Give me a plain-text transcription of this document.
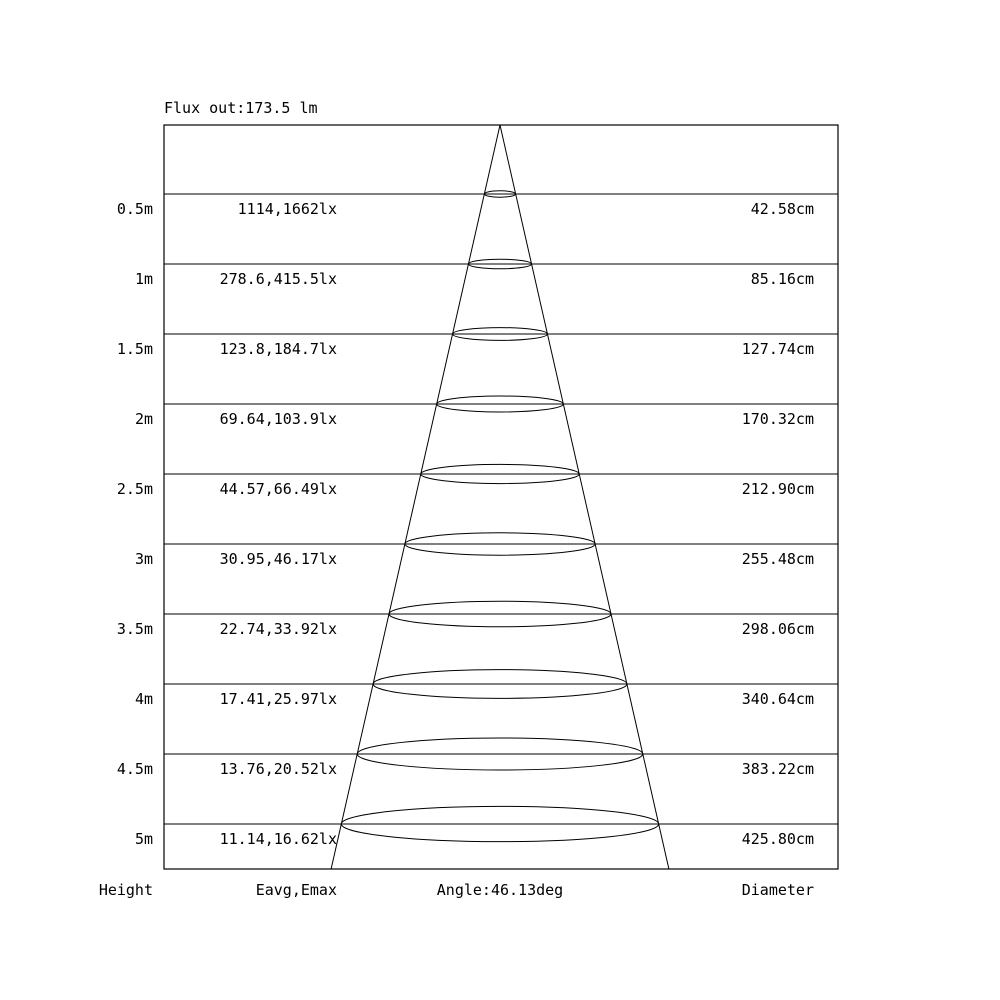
Flux out:173.5 lm
0.5m	1114,1662lx	42.58cm
1m	278.6,415.5lx	85.16cm
1.5m	123.8,184.7lx	127.74cm
2m	69.64,103.9lx	170.32cm
2.5m	44.57,66.49lx	212.90cm
3m	30.95,46.17lx	255.48cm
3.5m	22.74,33.92lx	298.06cm
4m	17.41,25.97lx	340.64cm
4.5m	13.76,20.52lx	383.22cm
5m	11.14,16.62lx	425.80cm
Height	Eavg,Emax	Angle:46.13deg	Diameter
